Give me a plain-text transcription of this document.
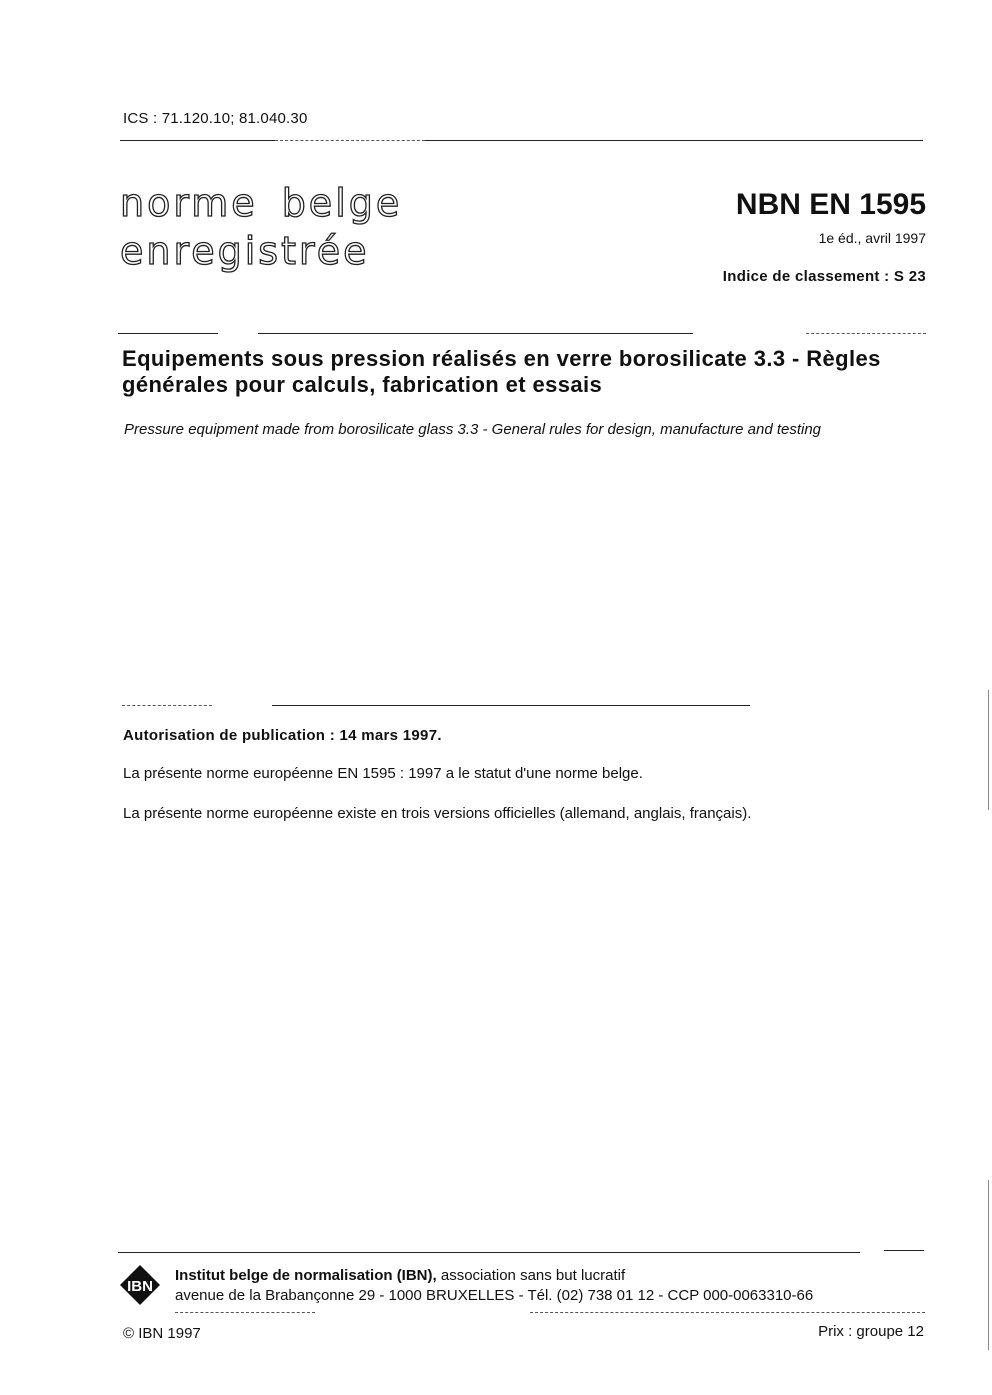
ICS : 71.120.10; 81.040.30
norme belge
enregistrée
NBN EN 1595
1e éd., avril 1997
Indice de classement : S 23
Equipements sous pression réalisés en verre borosilicate 3.3 - Règles générales pour calculs, fabrication et essais
Pressure equipment made from borosilicate glass 3.3 - General rules for design, manufacture and testing
Autorisation de publication : 14 mars 1997.
La présente norme européenne EN 1595 : 1997 a le statut d'une norme belge.
La présente norme européenne existe en trois versions officielles (allemand, anglais, français).
IBN
Institut belge de normalisation (IBN), association sans but lucratif
avenue de la Brabançonne 29 - 1000 BRUXELLES - Tél. (02) 738 01 12 - CCP 000-0063310-66
© IBN 1997	Prix : groupe 12
